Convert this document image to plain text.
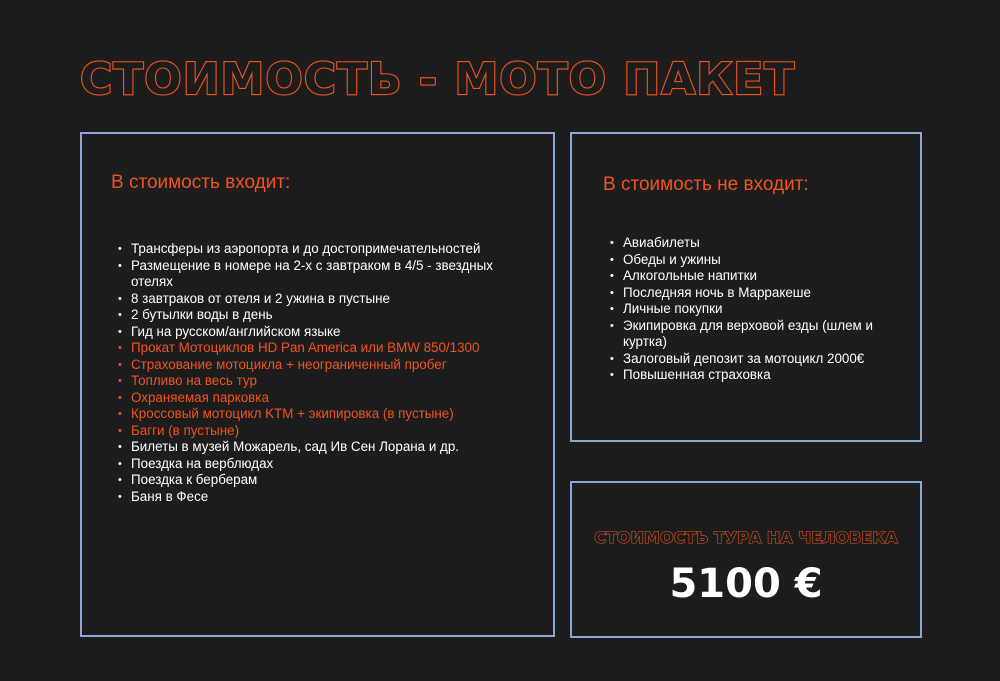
СТОИМОСТЬ - МОТО ПАКЕТ
В стоимость входит:
• Трансферы из аэропорта и до достопримечательностей
• Размещение в номере на 2-х с завтраком в 4/5 - звездных отелях
• 8 завтраков от отеля и 2 ужина в пустыне
• 2 бутылки воды в день
• Гид на русском/английском языке
• Прокат Мотоциклов HD Pan America или BMW 850/1300
• Страхование мотоцикла + неограниченный пробег
• Топливо на весь тур
• Охраняемая парковка
• Кроссовый мотоцикл KTM + экипировка (в пустыне)
• Багги (в пустыне)
• Билеты в музей Можарель, сад Ив Сен Лорана и др.
• Поездка на верблюдах
• Поездка к берберам
• Баня в Фесе
В стоимость не входит:
• Авиабилеты
• Обеды и ужины
• Алкогольные напитки
• Последняя ночь в Марракеше
• Личные покупки
• Экипировка для верховой езды (шлем и куртка)
• Залоговый депозит за мотоцикл 2000€
• Повышенная страховка
СТОИМОСТЬ ТУРА НА ЧЕЛОВЕКА
5100 €
